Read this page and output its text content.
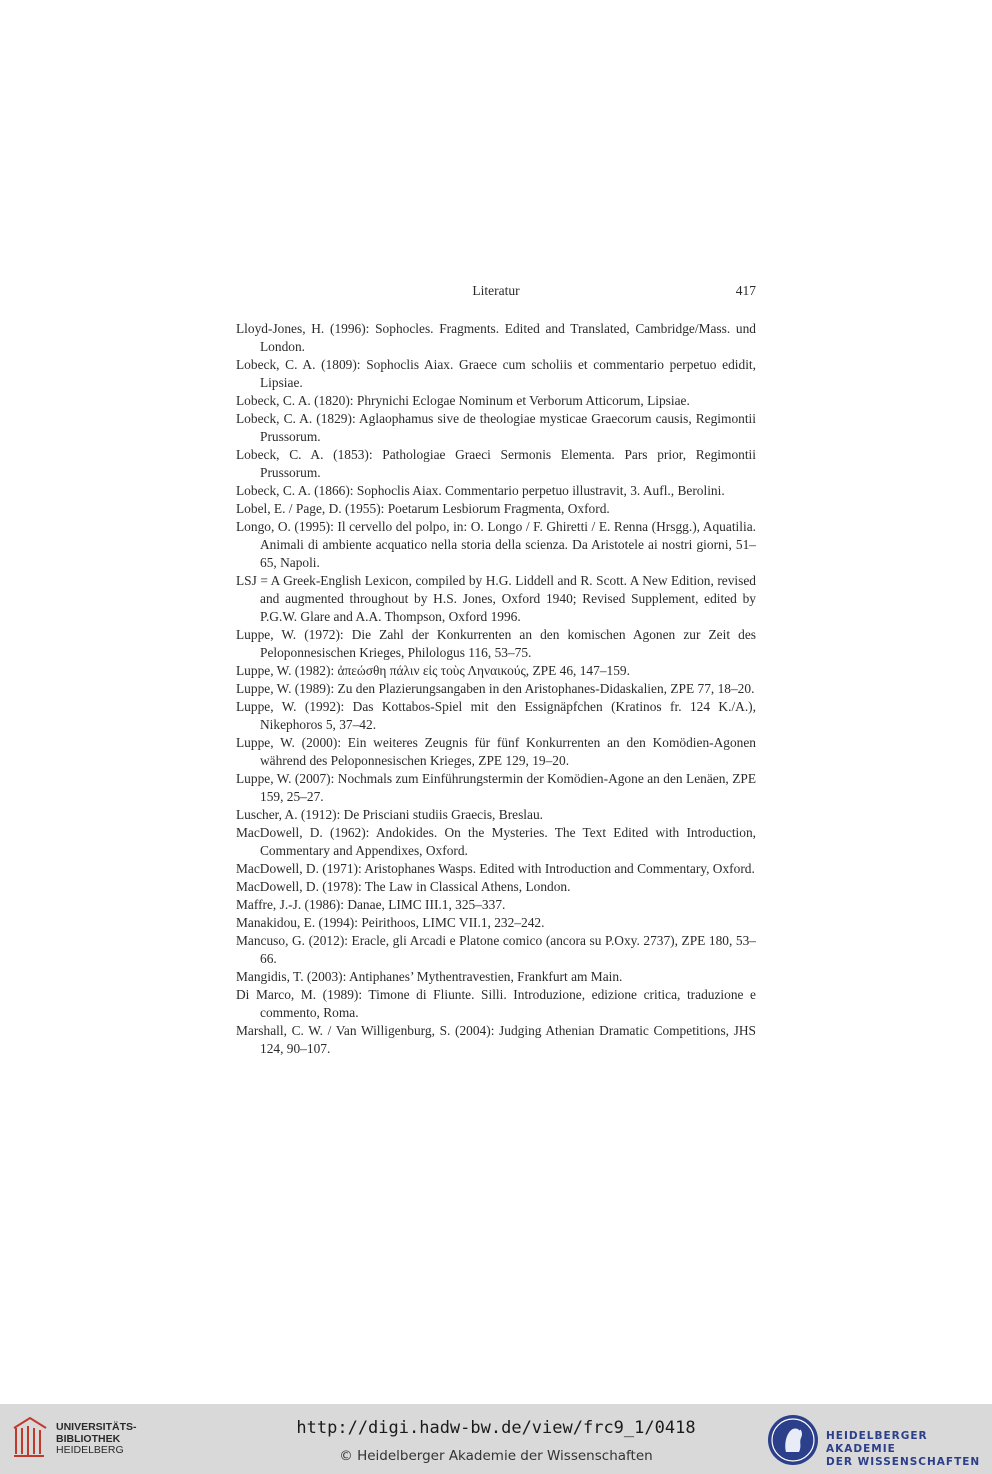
Literatur	417
Lloyd-Jones, H. (1996): Sophocles. Fragments. Edited and Translated, Cambridge/Mass. und London.
Lobeck, C. A. (1809): Sophoclis Aiax. Graece cum scholiis et commentario perpetuo edidit, Lipsiae.
Lobeck, C. A. (1820): Phrynichi Eclogae Nominum et Verborum Atticorum, Lipsiae.
Lobeck, C. A. (1829): Aglaophamus sive de theologiae mysticae Graecorum causis, Regimontii Prussorum.
Lobeck, C. A. (1853): Pathologiae Graeci Sermonis Elementa. Pars prior, Regimontii Prussorum.
Lobeck, C. A. (1866): Sophoclis Aiax. Commentario perpetuo illustravit, 3. Aufl., Berolini.
Lobel, E. / Page, D. (1955): Poetarum Lesbiorum Fragmenta, Oxford.
Longo, O. (1995): Il cervello del polpo, in: O. Longo / F. Ghiretti / E. Renna (Hrsgg.), Aquatilia. Animali di ambiente acquatico nella storia della scienza. Da Aristotele ai nostri giorni, 51–65, Napoli.
LSJ = A Greek-English Lexicon, compiled by H.G. Liddell and R. Scott. A New Edition, revised and augmented throughout by H.S. Jones, Oxford 1940; Revised Supplement, edited by P.G.W. Glare and A.A. Thompson, Oxford 1996.
Luppe, W. (1972): Die Zahl der Konkurrenten an den komischen Agonen zur Zeit des Peloponnesischen Krieges, Philologus 116, 53–75.
Luppe, W. (1982): ἀπεώσθη πάλιν εἰς τοὺς Ληναικούς, ZPE 46, 147–159.
Luppe, W. (1989): Zu den Plazierungsangaben in den Aristophanes-Didaskalien, ZPE 77, 18–20.
Luppe, W. (1992): Das Kottabos-Spiel mit den Essignäpfchen (Kratinos fr. 124 K./A.), Nikephoros 5, 37–42.
Luppe, W. (2000): Ein weiteres Zeugnis für fünf Konkurrenten an den Komödien-Agonen während des Peloponnesischen Krieges, ZPE 129, 19–20.
Luppe, W. (2007): Nochmals zum Einführungstermin der Komödien-Agone an den Lenäen, ZPE 159, 25–27.
Luscher, A. (1912): De Prisciani studiis Graecis, Breslau.
MacDowell, D. (1962): Andokides. On the Mysteries. The Text Edited with Introduction, Commentary and Appendixes, Oxford.
MacDowell, D. (1971): Aristophanes Wasps. Edited with Introduction and Commentary, Oxford.
MacDowell, D. (1978): The Law in Classical Athens, London.
Maffre, J.-J. (1986): Danae, LIMC III.1, 325–337.
Manakidou, E. (1994): Peirithoos, LIMC VII.1, 232–242.
Mancuso, G. (2012): Eracle, gli Arcadi e Platone comico (ancora su P.Oxy. 2737), ZPE 180, 53–66.
Mangidis, T. (2003): Antiphanes’ Mythentravestien, Frankfurt am Main.
Di Marco, M. (1989): Timone di Fliunte. Silli. Introduzione, edizione critica, traduzione e commento, Roma.
Marshall, C. W. / Van Willigenburg, S. (2004): Judging Athenian Dramatic Competitions, JHS 124, 90–107.
UNIVERSITÄTS-
BIBLIOTHEK
HEIDELBERG
http://digi.hadw-bw.de/view/frc9_1/0418
© Heidelberger Akademie der Wissenschaften
HEIDELBERGER AKADEMIE
DER WISSENSCHAFTEN
